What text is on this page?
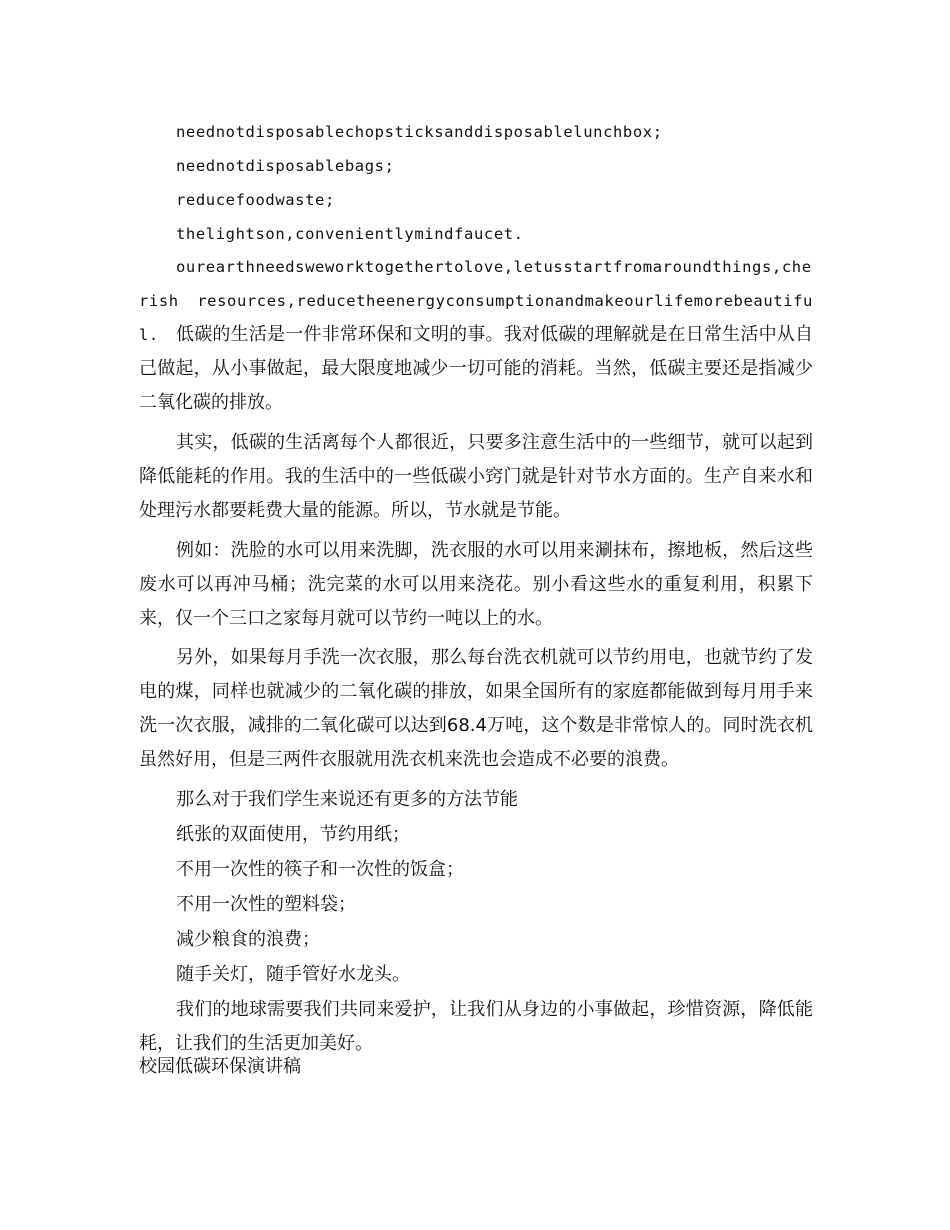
neednotdisposablechopsticksanddisposablelunchbox;
neednotdisposablebags;
reducefoodwaste;
thelightson,convenientlymindfaucet.
ourearthneedsweworktogethertolove,letusstartfromaroundthings,cherish resources,reducetheenergyconsumptionandmakeourlifemorebeautiful. 低碳的生活是一件非常环保和文明的事。我对低碳的理解就是在日常生活中从自己做起，从小事做起，最大限度地减少一切可能的消耗。当然，低碳主要还是指减少二氧化碳的排放。
其实，低碳的生活离每个人都很近，只要多注意生活中的一些细节，就可以起到降低能耗的作用。我的生活中的一些低碳小窍门就是针对节水方面的。生产自来水和处理污水都要耗费大量的能源。所以，节水就是节能。
例如：洗脸的水可以用来洗脚，洗衣服的水可以用来涮抹布，擦地板，然后这些废水可以再冲马桶；洗完菜的水可以用来浇花。别小看这些水的重复利用，积累下来，仅一个三口之家每月就可以节约一吨以上的水。
另外，如果每月手洗一次衣服，那么每台洗衣机就可以节约用电，也就节约了发电的煤，同样也就减少的二氧化碳的排放，如果全国所有的家庭都能做到每月用手来洗一次衣服，减排的二氧化碳可以达到68.4万吨，这个数是非常惊人的。同时洗衣机虽然好用，但是三两件衣服就用洗衣机来洗也会造成不必要的浪费。
那么对于我们学生来说还有更多的方法节能
纸张的双面使用，节约用纸；
不用一次性的筷子和一次性的饭盒；
不用一次性的塑料袋；
减少粮食的浪费；
随手关灯，随手管好水龙头。
我们的地球需要我们共同来爱护，让我们从身边的小事做起，珍惜资源，降低能耗，让我们的生活更加美好。
校园低碳环保演讲稿
